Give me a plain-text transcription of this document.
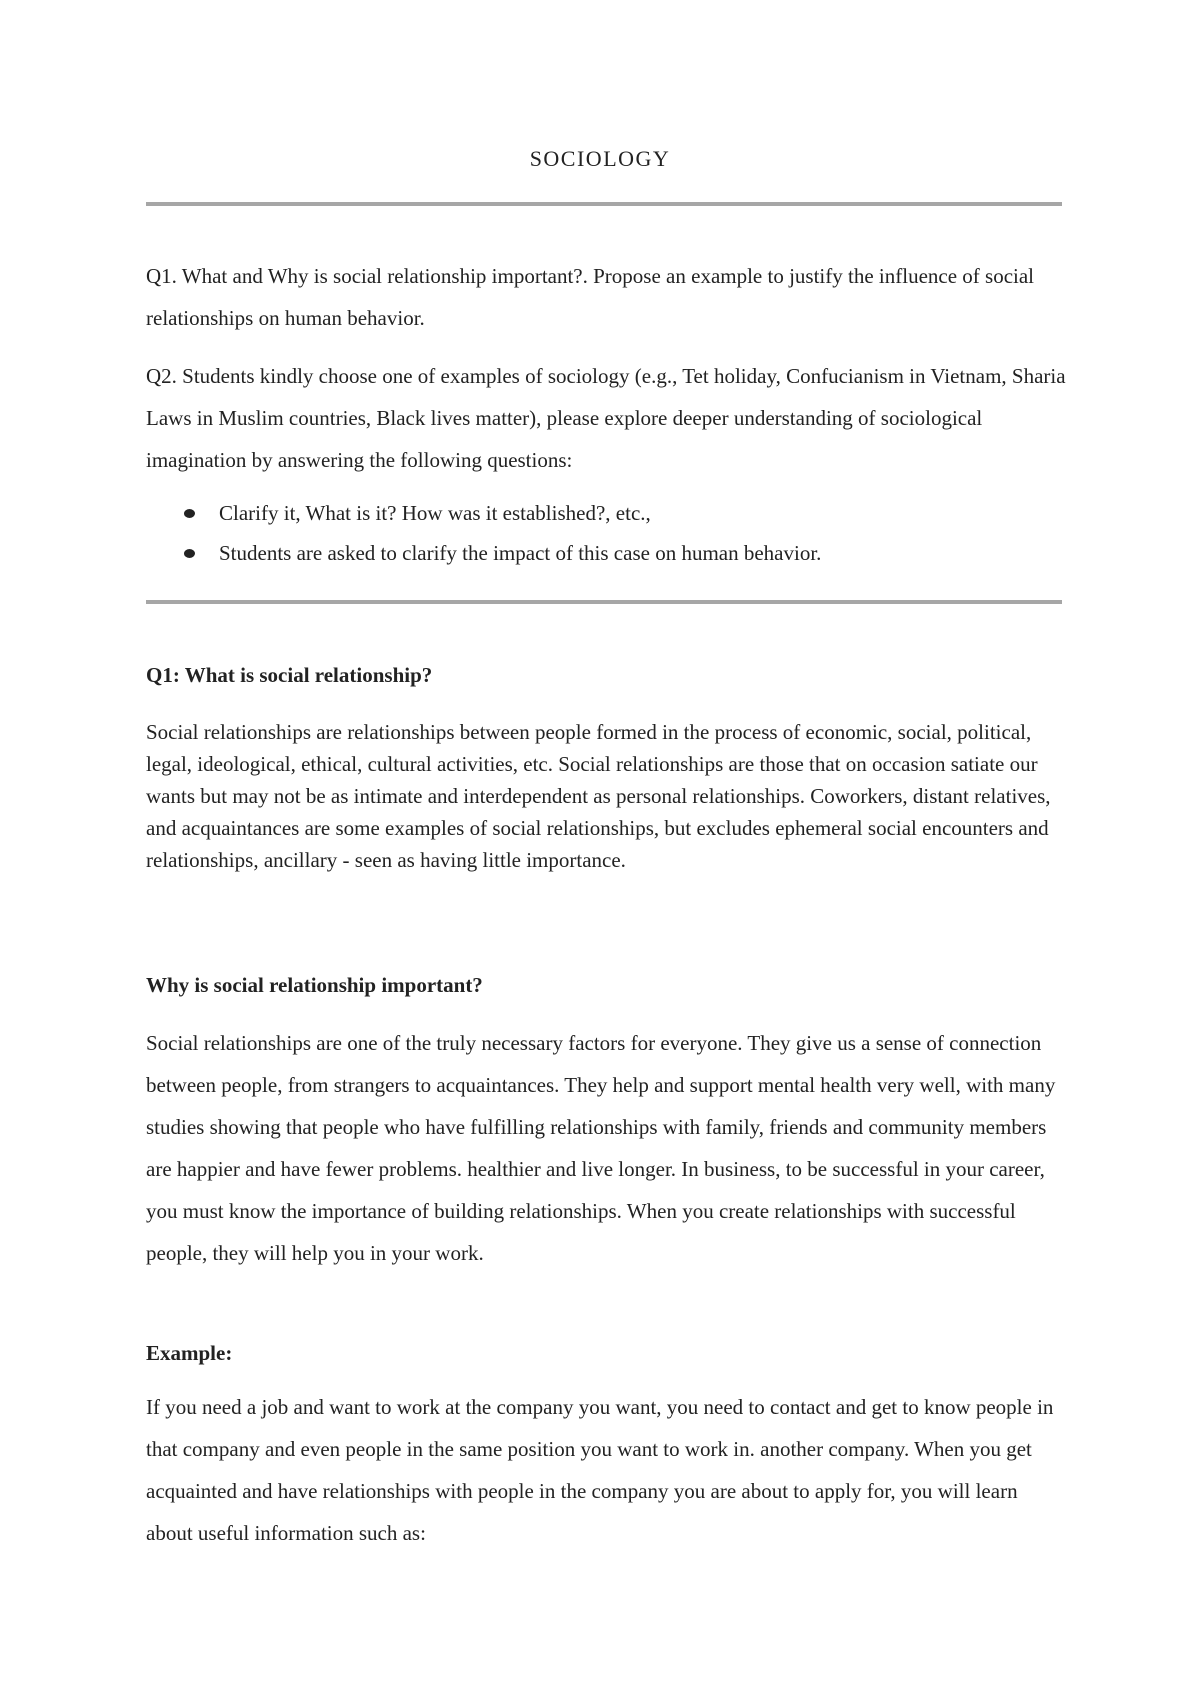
SOCIOLOGY

Q1. What and Why is social relationship important?. Propose an example to justify the influence of social relationships on human behavior.

Q2. Students kindly choose one of examples of sociology (e.g., Tet holiday, Confucianism in Vietnam, Sharia Laws in Muslim countries, Black lives matter), please explore deeper understanding of sociological imagination by answering the following questions:

Clarify it, What is it? How was it established?, etc.,
Students are asked to clarify the impact of this case on human behavior.
Q1: What is social relationship?

Social relationships are relationships between people formed in the process of economic, social, political, legal, ideological, ethical, cultural activities, etc. Social relationships are those that on occasion satiate our wants but may not be as intimate and interdependent as personal relationships. Coworkers, distant relatives, and acquaintances are some examples of social relationships, but excludes ephemeral social encounters and relationships, ancillary - seen as having little importance.

Why is social relationship important?

Social relationships are one of the truly necessary factors for everyone. They give us a sense of connection between people, from strangers to acquaintances. They help and support mental health very well, with many studies showing that people who have fulfilling relationships with family, friends and community members are happier and have fewer problems. healthier and live longer. In business, to be successful in your career, you must know the importance of building relationships. When you create relationships with successful people, they will help you in your work.

Example:

If you need a job and want to work at the company you want, you need to contact and get to know people in that company and even people in the same position you want to work in. another company. When you get acquainted and have relationships with people in the company you are about to apply for, you will learn about useful information such as:
